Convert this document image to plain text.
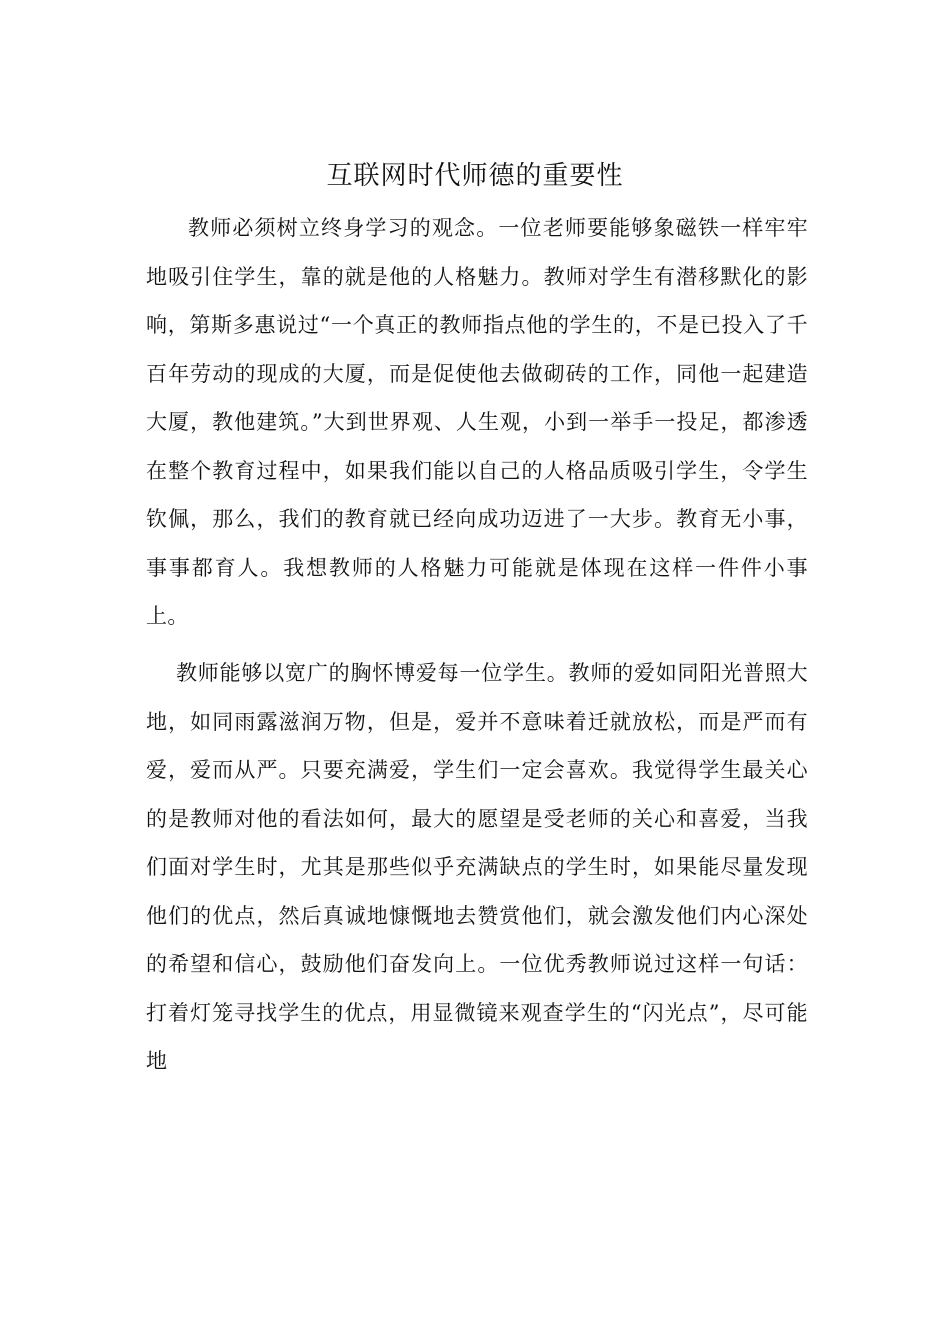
互联网时代师德的重要性

教师必须树立终身学习的观念。一位老师要能够象磁铁一样牢牢地吸引住学生，靠的就是他的人格魅力。教师对学生有潜移默化的影响，第斯多惠说过“一个真正的教师指点他的学生的，不是已投入了千百年劳动的现成的大厦，而是促使他去做砌砖的工作，同他一起建造大厦，教他建筑。”大到世界观、人生观，小到一举手一投足，都渗透在整个教育过程中，如果我们能以自己的人格品质吸引学生，令学生钦佩，那么，我们的教育就已经向成功迈进了一大步。教育无小事，事事都育人。我想教师的人格魅力可能就是体现在这样一件件小事上。

教师能够以宽广的胸怀博爱每一位学生。教师的爱如同阳光普照大地，如同雨露滋润万物，但是，爱并不意味着迁就放松，而是严而有爱，爱而从严。只要充满爱，学生们一定会喜欢。我觉得学生最关心的是教师对他的看法如何，最大的愿望是受老师的关心和喜爱，当我们面对学生时，尤其是那些似乎充满缺点的学生时，如果能尽量发现他们的优点，然后真诚地慷慨地去赞赏他们，就会激发他们内心深处的希望和信心，鼓励他们奋发向上。一位优秀教师说过这样一句话：打着灯笼寻找学生的优点，用显微镜来观查学生的“闪光点”，尽可能地
